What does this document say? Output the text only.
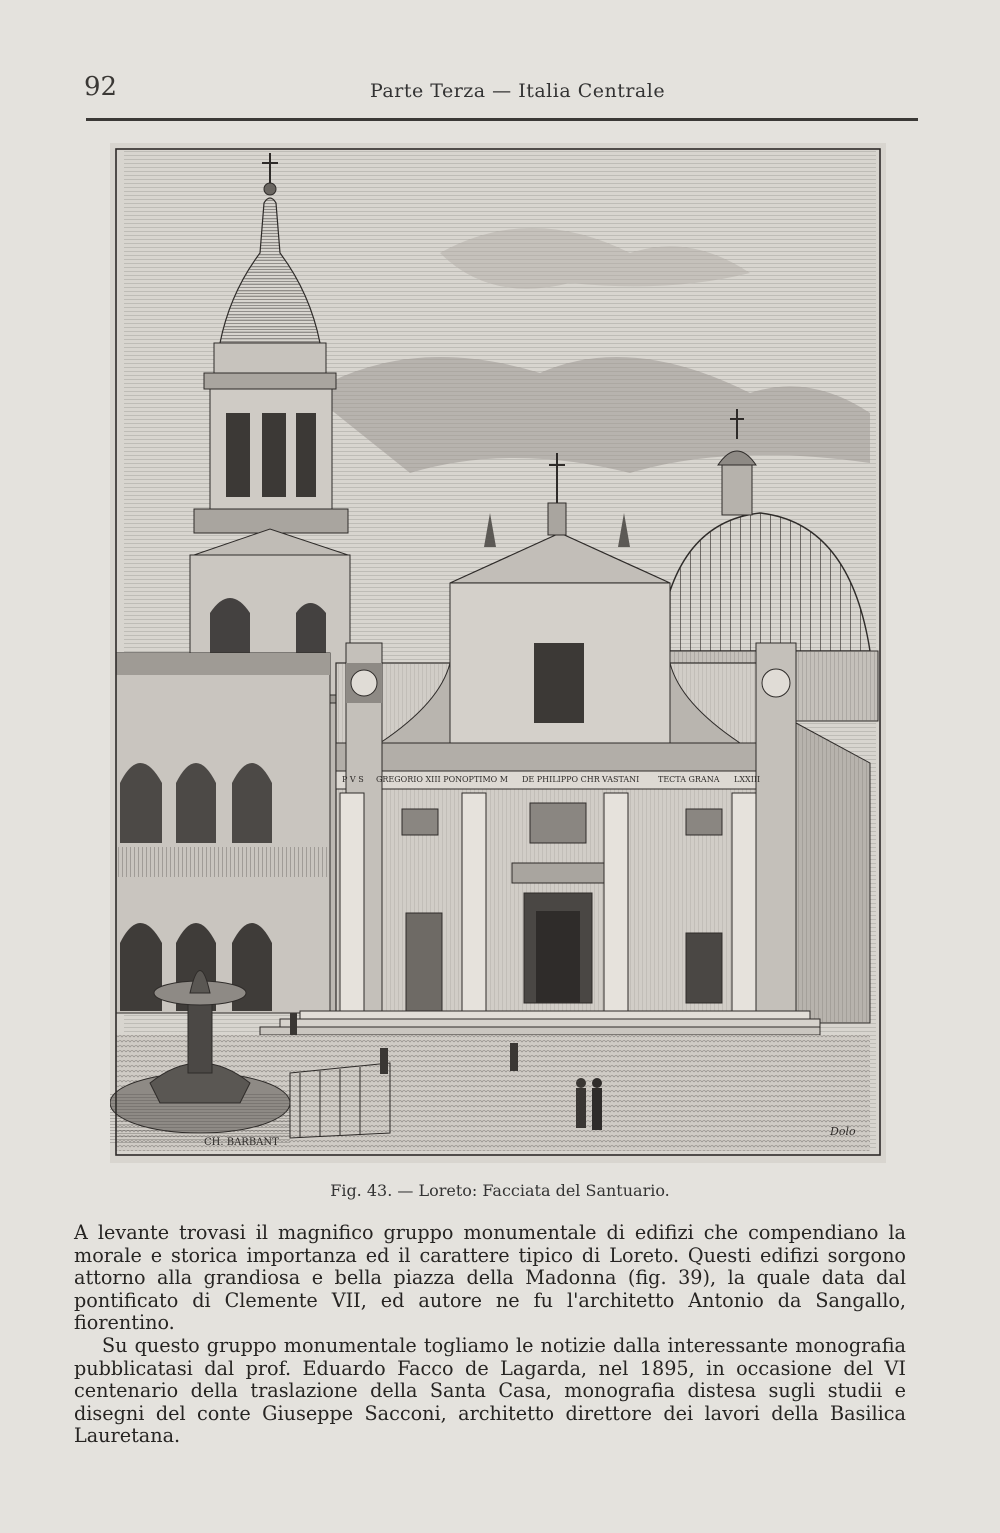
92	Parte Terza — Italia Centrale
P V S GREGORIO XIII PON OPTIMO M DE PHILIPPO CHR VASTANI TECTA GRANA LXXIII
CH. BARBANT
Dolo
Fig. 43. — Loreto: Facciata del Santuario.

A levante trovasi il magnifico gruppo monumentale di edifizi che compendiano la morale e storica importanza ed il carattere tipico di Loreto. Questi edifizi sorgono attorno alla grandiosa e bella piazza della Madonna (fig. 39), la quale data dal pontificato di Clemente VII, ed autore ne fu l'architetto Antonio da Sangallo, fiorentino.

Su questo gruppo monumentale togliamo le notizie dalla interessante monografia pubblicatasi dal prof. Eduardo Facco de Lagarda, nel 1895, in occasione del VI centenario della traslazione della Santa Casa, monografia distesa sugli studii e disegni del conte Giuseppe Sacconi, architetto direttore dei lavori della Basilica Lauretana.
